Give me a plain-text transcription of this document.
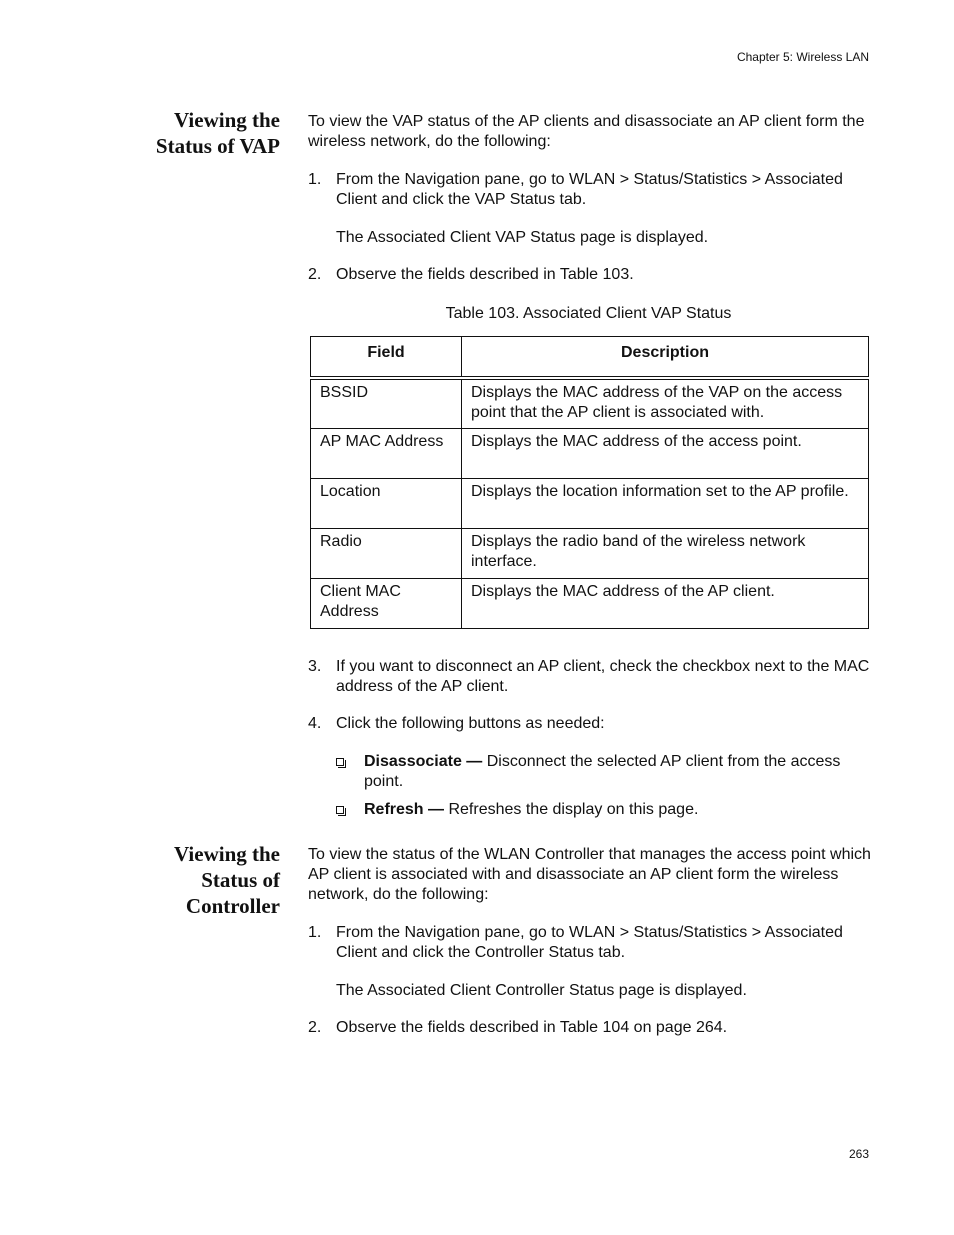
Chapter 5: Wireless LAN
Viewing the
Status of VAP
To view the VAP status of the AP clients and disassociate an AP client form the wireless network, do the following:
1. From the Navigation pane, go to WLAN > Status/Statistics > Associated Client and click the VAP Status tab.
The Associated Client VAP Status page is displayed.
2. Observe the fields described in Table 103.
Table 103. Associated Client VAP Status
Field	Description
BSSID	Displays the MAC address of the VAP on the access point that the AP client is associated with.
AP MAC Address	Displays the MAC address of the access point.
Location	Displays the location information set to the AP profile.
Radio	Displays the radio band of the wireless network interface.
Client MAC Address	Displays the MAC address of the AP client.
3. If you want to disconnect an AP client, check the checkbox next to the MAC address of the AP client.
4. Click the following buttons as needed:
Disassociate — Disconnect the selected AP client from the access point.
Refresh — Refreshes the display on this page.
Viewing the
Status of
Controller
To view the status of the WLAN Controller that manages the access point which AP client is associated with and disassociate an AP client form the wireless network, do the following:
1. From the Navigation pane, go to WLAN > Status/Statistics > Associated Client and click the Controller Status tab.
The Associated Client Controller Status page is displayed.
2. Observe the fields described in Table 104 on page 264.
263
